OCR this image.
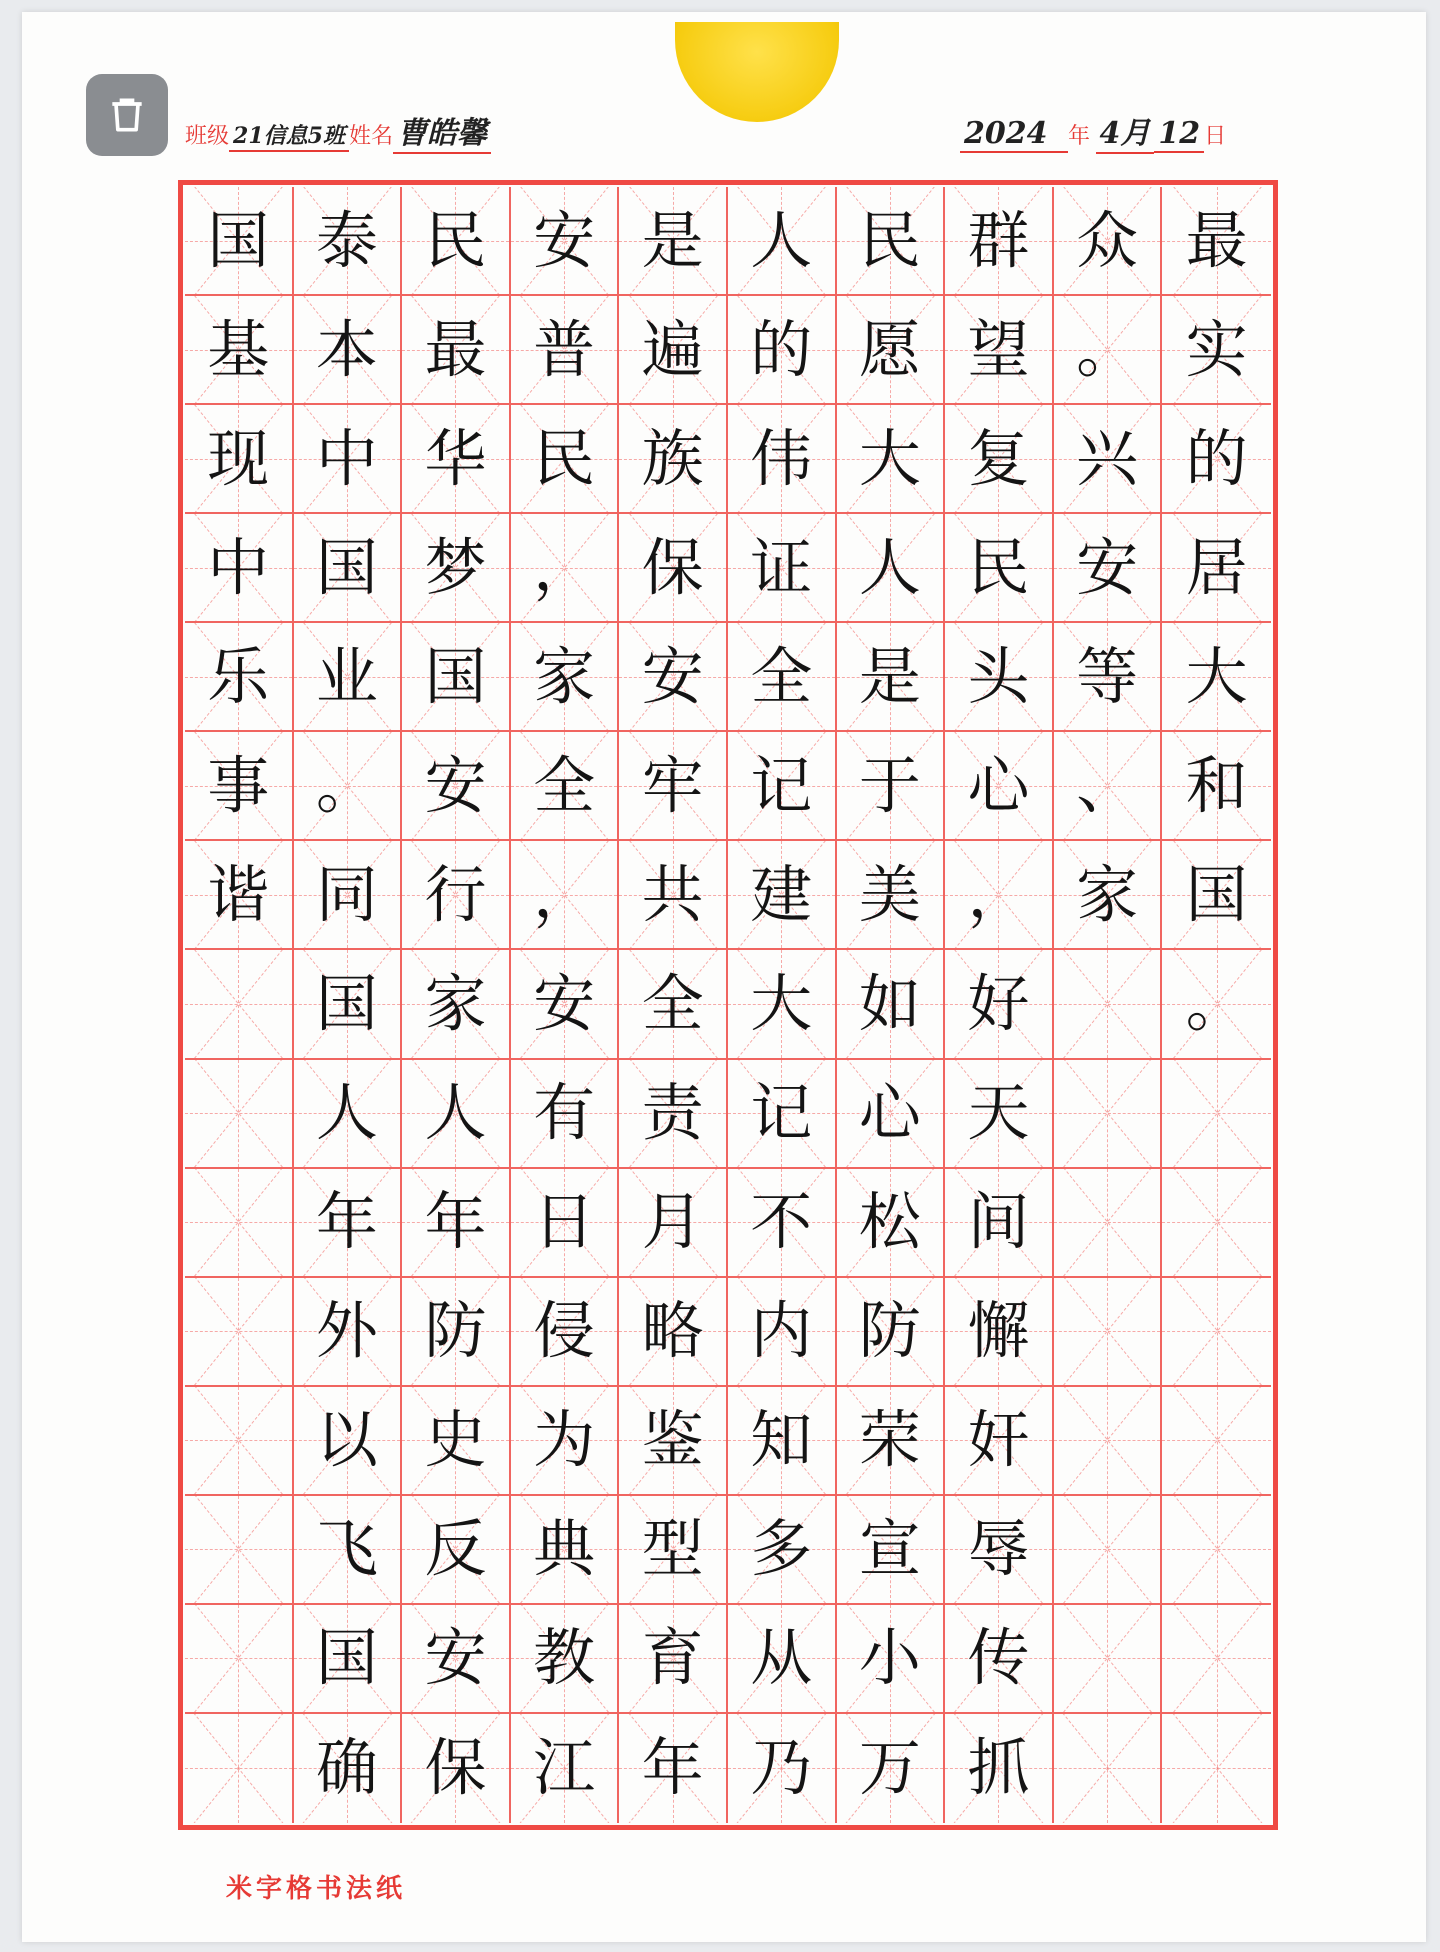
班级 21信息5班 姓名 曹皓馨	2024 年 4月 12 日
国 泰 民 安 是 人 民 群 众 最
基 本 最 普 遍 的 愿 望 。 实
现 中 华 民 族 伟 大 复 兴 的
中 国 梦 ， 保 证 人 民 安 居
乐 业 国 家 安 全 是 头 等 大
事 。 安 全 牢 记 于 心 、 和
谐 同 行 ， 共 建 美 ， 家 国
国 家 安 全 大 如 好	。
人 人 有 责 记 心 天
年 年 日 月 不 松 间
外 防 侵 略 内 防 懈
以 史 为 鉴 知 荣 奸
飞 反 典 型 多 宣 辱
国 安 教 育 从 小 传
确 保 江 年 乃 万 抓
米字格书法纸
